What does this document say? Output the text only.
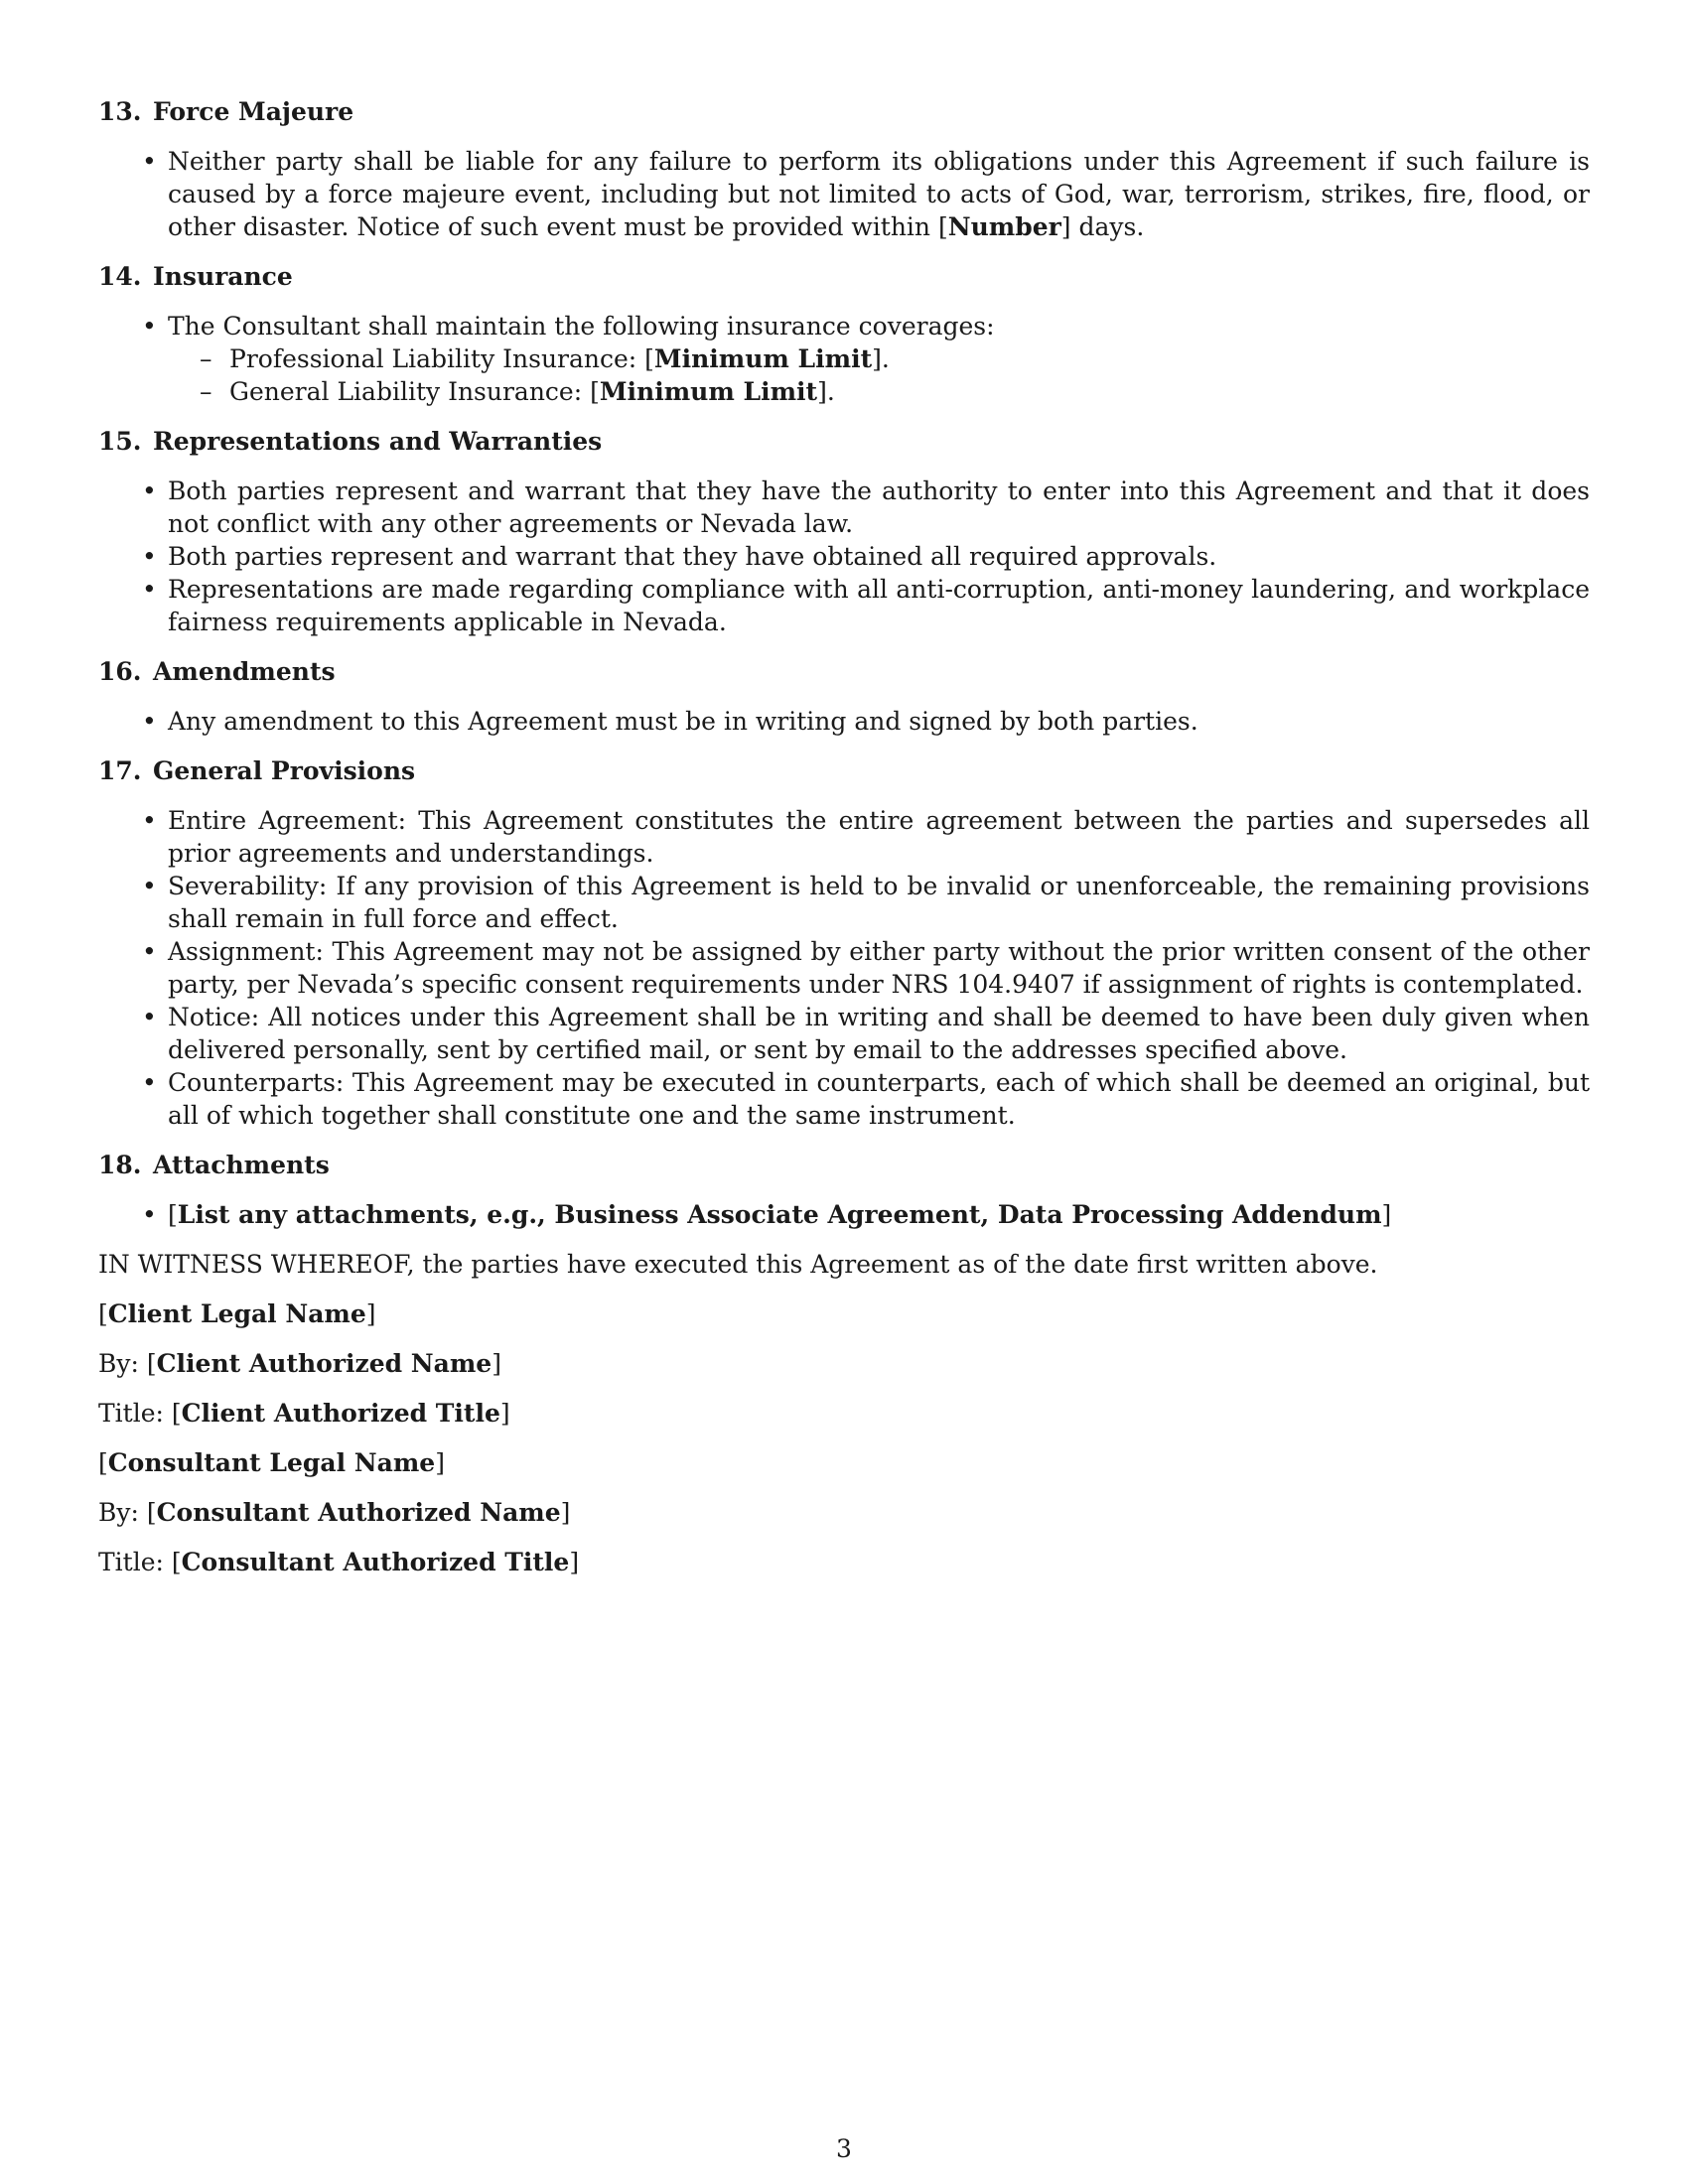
13. Force Majeure
• Neither party shall be liable for any failure to perform its obligations under this Agreement if such failure is caused by a force majeure event, including but not limited to acts of God, war, terrorism, strikes, fire, flood, or other disaster. Notice of such event must be provided within [Number] days.
14. Insurance
• The Consultant shall maintain the following insurance coverages:
– Professional Liability Insurance: [Minimum Limit].
– General Liability Insurance: [Minimum Limit].
15. Representations and Warranties
• Both parties represent and warrant that they have the authority to enter into this Agreement and that it does not conflict with any other agreements or Nevada law.
• Both parties represent and warrant that they have obtained all required approvals.
• Representations are made regarding compliance with all anti-corruption, anti-money laundering, and workplace fairness requirements applicable in Nevada.
16. Amendments
• Any amendment to this Agreement must be in writing and signed by both parties.
17. General Provisions
• Entire Agreement: This Agreement constitutes the entire agreement between the parties and supersedes all prior agreements and understandings.
• Severability: If any provision of this Agreement is held to be invalid or unenforceable, the remaining provisions shall remain in full force and effect.
• Assignment: This Agreement may not be assigned by either party without the prior written consent of the other party, per Nevada’s specific consent requirements under NRS 104.9407 if assignment of rights is contemplated.
• Notice: All notices under this Agreement shall be in writing and shall be deemed to have been duly given when delivered personally, sent by certified mail, or sent by email to the addresses specified above.
• Counterparts: This Agreement may be executed in counterparts, each of which shall be deemed an original, but all of which together shall constitute one and the same instrument.
18. Attachments
• [List any attachments, e.g., Business Associate Agreement, Data Processing Addendum]

IN WITNESS WHEREOF, the parties have executed this Agreement as of the date first written above.

[Client Legal Name]

By: [Client Authorized Name]

Title: [Client Authorized Title]

[Consultant Legal Name]

By: [Consultant Authorized Name]

Title: [Consultant Authorized Title]

3
